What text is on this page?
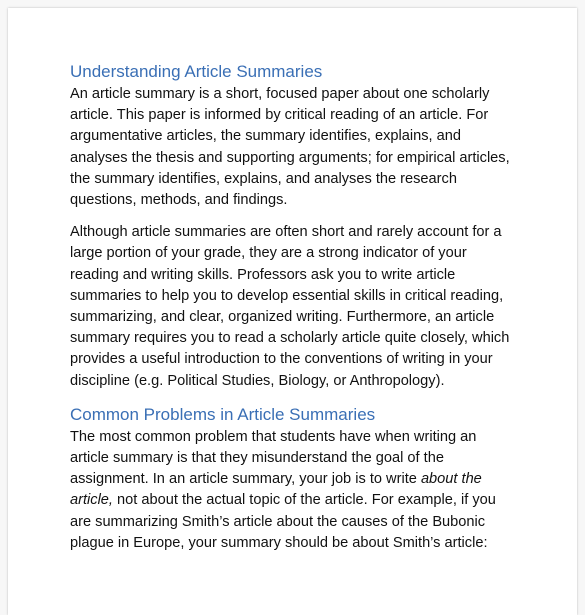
Understanding Article Summaries

An article summary is a short, focused paper about one scholarly
article. This paper is informed by critical reading of an article. For
argumentative articles, the summary identifies, explains, and
analyses the thesis and supporting arguments; for empirical articles,
the summary identifies, explains, and analyses the research
questions, methods, and findings.

Although article summaries are often short and rarely account for a
large portion of your grade, they are a strong indicator of your
reading and writing skills. Professors ask you to write article
summaries to help you to develop essential skills in critical reading,
summarizing, and clear, organized writing. Furthermore, an article
summary requires you to read a scholarly article quite closely, which
provides a useful introduction to the conventions of writing in your
discipline (e.g. Political Studies, Biology, or Anthropology).

Common Problems in Article Summaries

The most common problem that students have when writing an
article summary is that they misunderstand the goal of the
assignment. In an article summary, your job is to write about the
article, not about the actual topic of the article. For example, if you
are summarizing Smith’s article about the causes of the Bubonic
plague in Europe, your summary should be about Smith’s article:
